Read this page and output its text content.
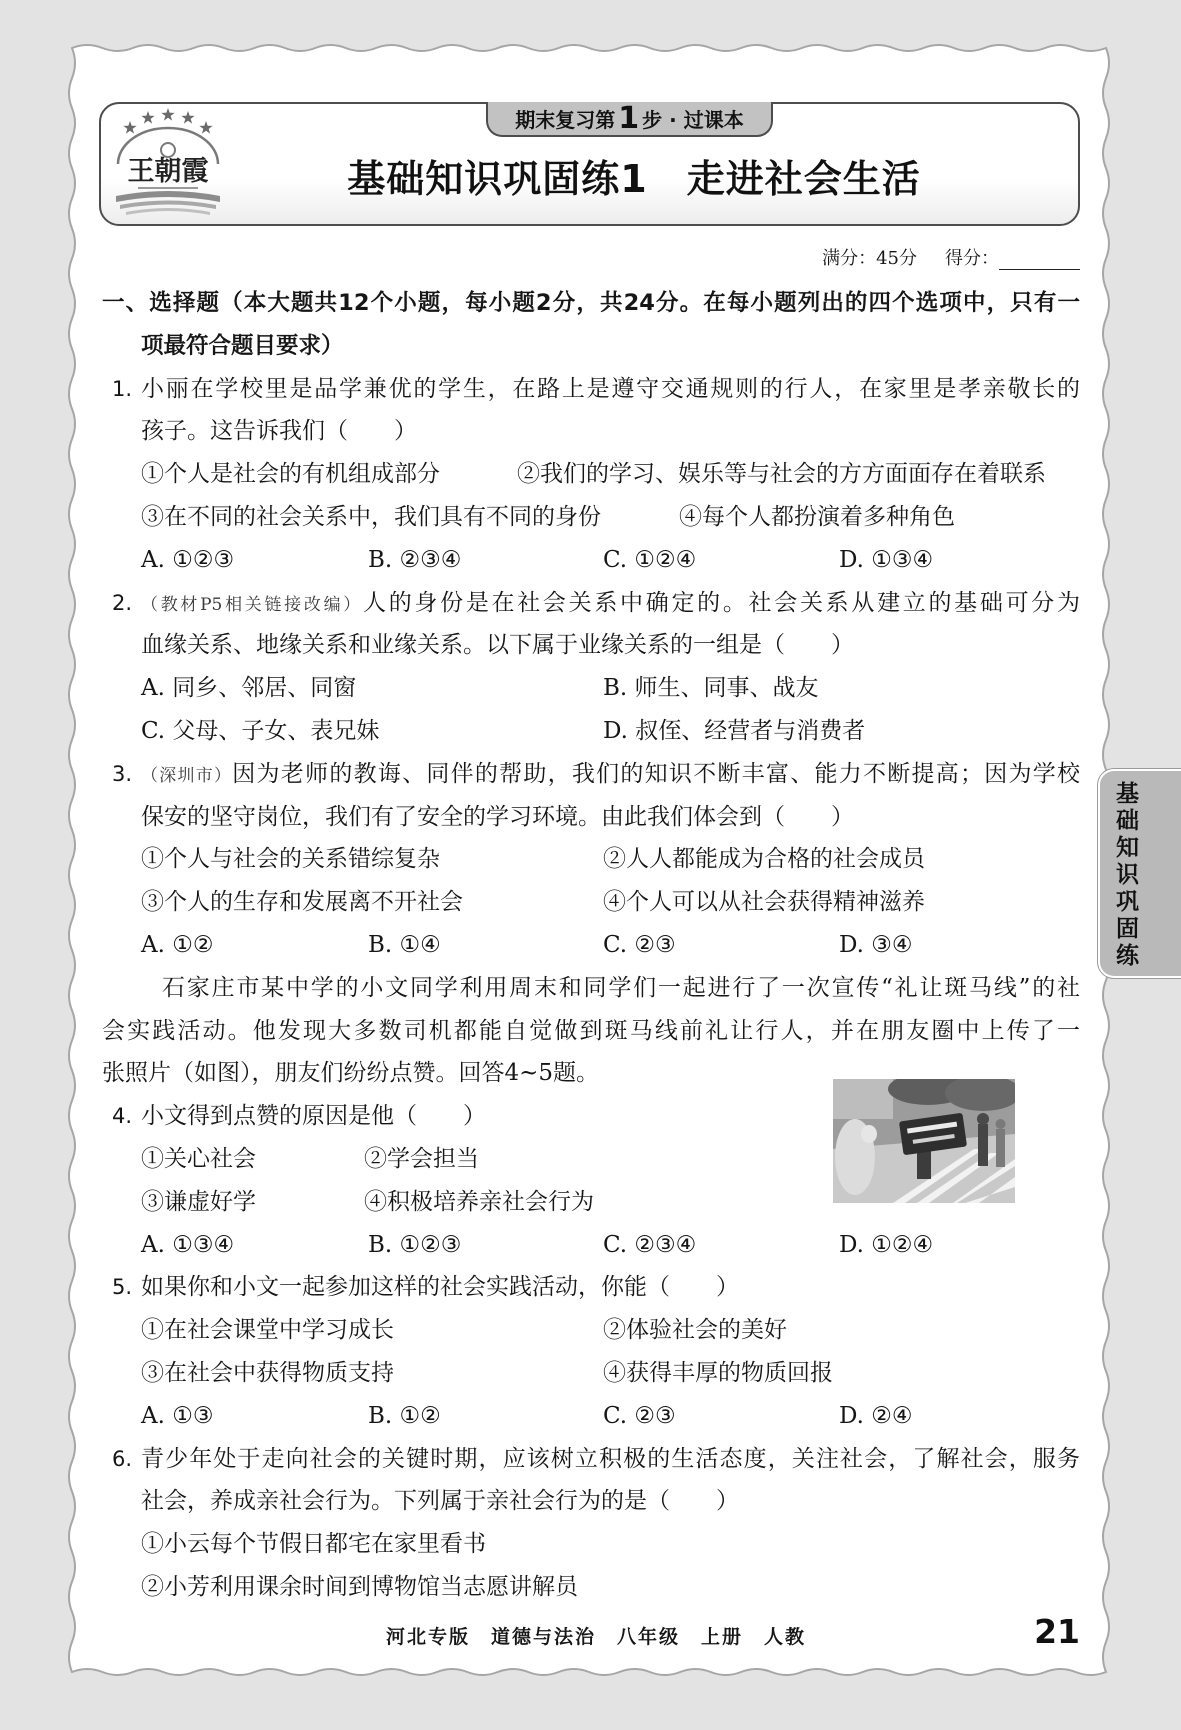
王朝霞
期末复习第 1 步 · 过课本
基础知识巩固练1　走进社会生活
满分：45分 得分：
一、选择题（本大题共12个小题，每小题2分，共24分。在每小题列出的四个选项中，只有一
项最符合题目要求）
1. 小丽在学校里是品学兼优的学生，在路上是遵守交通规则的行人，在家里是孝亲敬长的
孩子。这告诉我们（　　）
①个人是社会的有机组成部分	②我们的学习、娱乐等与社会的方方面面存在着联系
③在不同的社会关系中，我们具有不同的身份	④每个人都扮演着多种角色
A. ①②③	B. ②③④	C. ①②④	D. ①③④
2. （教材P5相关链接改编）人的身份是在社会关系中确定的。社会关系从建立的基础可分为
血缘关系、地缘关系和业缘关系。以下属于业缘关系的一组是（　　）
A. 同乡、邻居、同窗	B. 师生、同事、战友
C. 父母、子女、表兄妹	D. 叔侄、经营者与消费者
3. （深圳市）因为老师的教诲、同伴的帮助，我们的知识不断丰富、能力不断提高；因为学校
保安的坚守岗位，我们有了安全的学习环境。由此我们体会到（　　）
①个人与社会的关系错综复杂	②人人都能成为合格的社会成员
③个人的生存和发展离不开社会	④个人可以从社会获得精神滋养
A. ①②	B. ①④	C. ②③	D. ③④
石家庄市某中学的小文同学利用周末和同学们一起进行了一次宣传“礼让斑马线”的社
会实践活动。他发现大多数司机都能自觉做到斑马线前礼让行人，并在朋友圈中上传了一
张照片（如图），朋友们纷纷点赞。回答4~5题。
4. 小文得到点赞的原因是他（　　）
①关心社会	②学会担当
③谦虚好学	④积极培养亲社会行为
A. ①③④	B. ①②③	C. ②③④	D. ①②④
5. 如果你和小文一起参加这样的社会实践活动，你能（　　）
①在社会课堂中学习成长	②体验社会的美好
③在社会中获得物质支持	④获得丰厚的物质回报
A. ①③	B. ①②	C. ②③	D. ②④
6. 青少年处于走向社会的关键时期，应该树立积极的生活态度，关注社会，了解社会，服务
社会，养成亲社会行为。下列属于亲社会行为的是（　　）
①小云每个节假日都宅在家里看书
②小芳利用课余时间到博物馆当志愿讲解员
基础知识巩固练
河北专版　道德与法治　八年级　上册　人教	21
